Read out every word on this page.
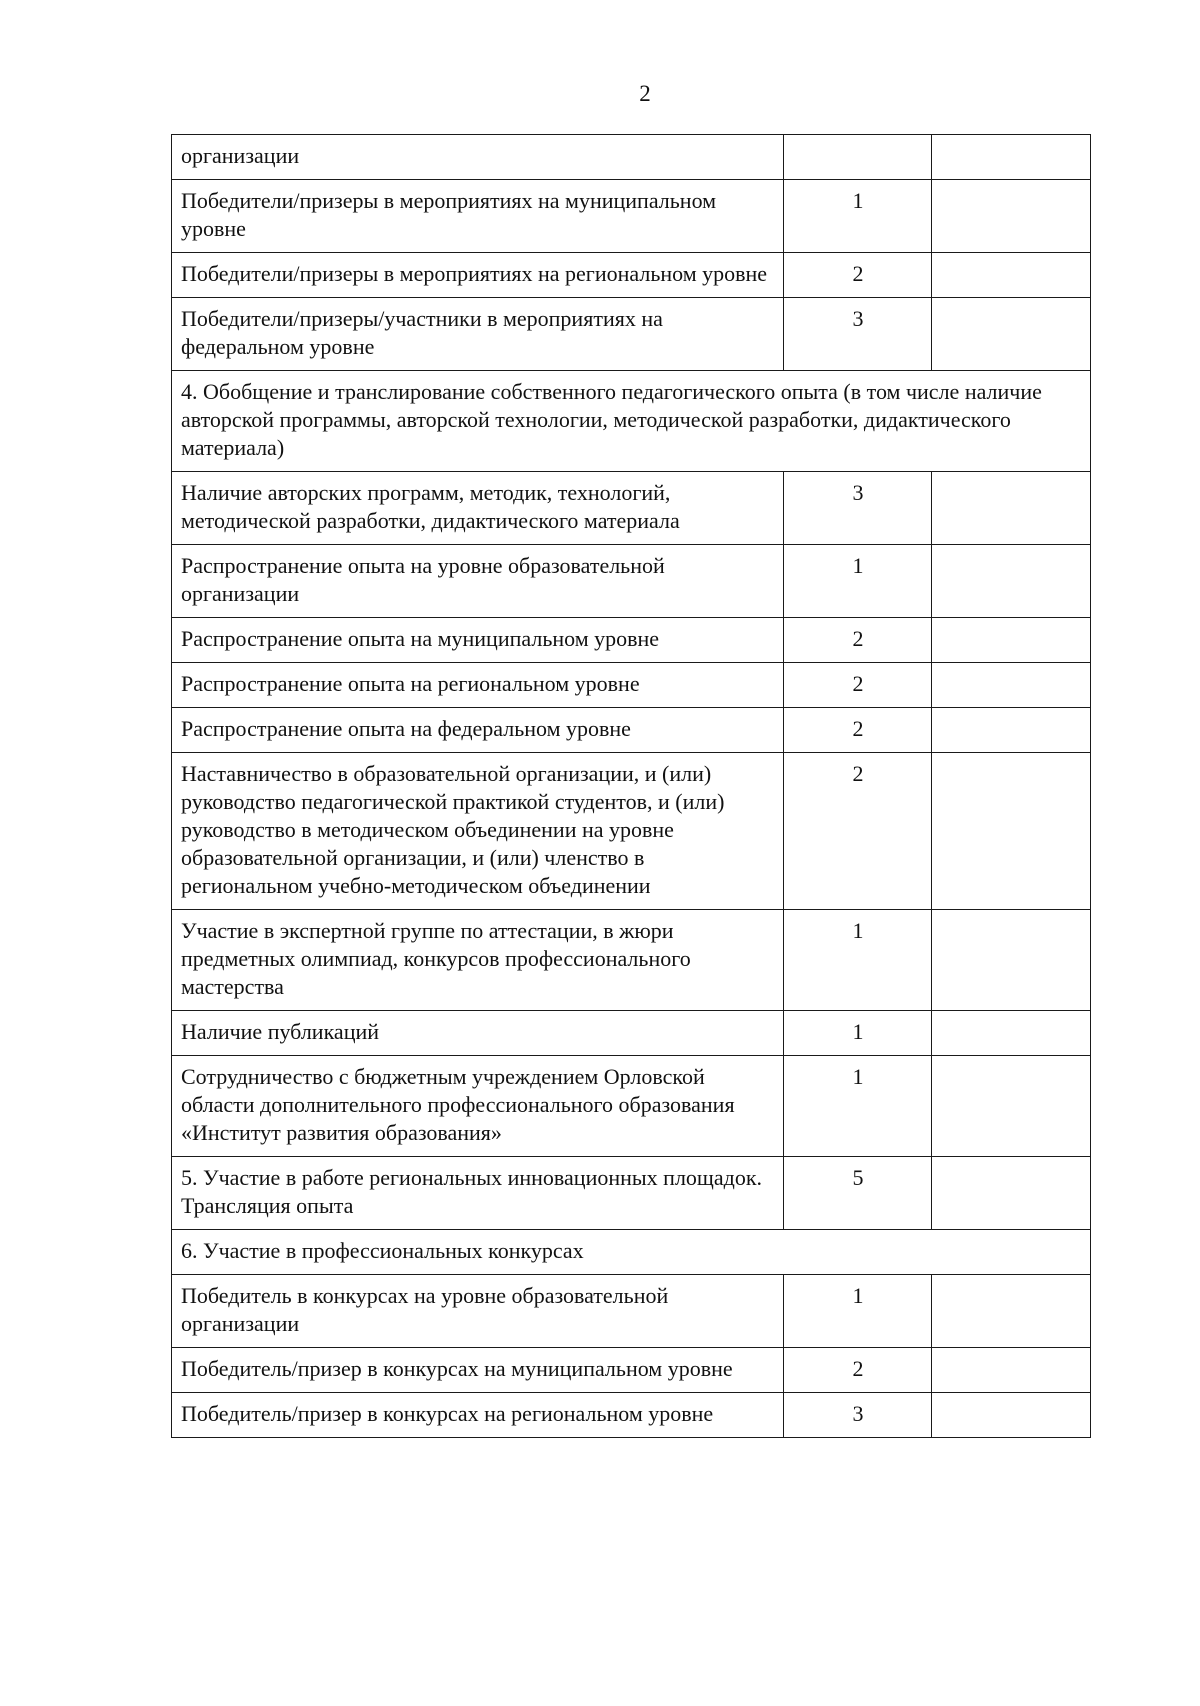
2
организации		
Победители/призеры в мероприятиях на муниципальном уровне	1	
Победители/призеры в мероприятиях на региональном уровне	2	
Победители/призеры/участники в мероприятиях на федеральном уровне	3	
4. Обобщение и транслирование собственного педагогического опыта (в том числе наличие авторской программы, авторской технологии, методической разработки, дидактического материала)		
Наличие авторских программ, методик, технологий, методической разработки, дидактического материала	3	
Распространение опыта на уровне образовательной организации	1	
Распространение опыта на муниципальном уровне	2	
Распространение опыта на региональном уровне	2	
Распространение опыта на федеральном уровне	2	
Наставничество в образовательной организации, и (или) руководство педагогической практикой студентов, и (или) руководство в методическом объединении на уровне образовательной организации, и (или) членство в региональном учебно-методическом объединении	2	
Участие в экспертной группе по аттестации, в жюри предметных олимпиад, конкурсов профессионального мастерства	1	
Наличие публикаций	1	
Сотрудничество с бюджетным учреждением Орловской области дополнительного профессионального образования «Институт развития образования»	1	
5. Участие в работе региональных инновационных площадок. Трансляция опыта	5	
6. Участие в профессиональных конкурсах		
Победитель в конкурсах на уровне образовательной организации	1	
Победитель/призер в конкурсах на муниципальном уровне	2	
Победитель/призер в конкурсах на региональном уровне	3	
